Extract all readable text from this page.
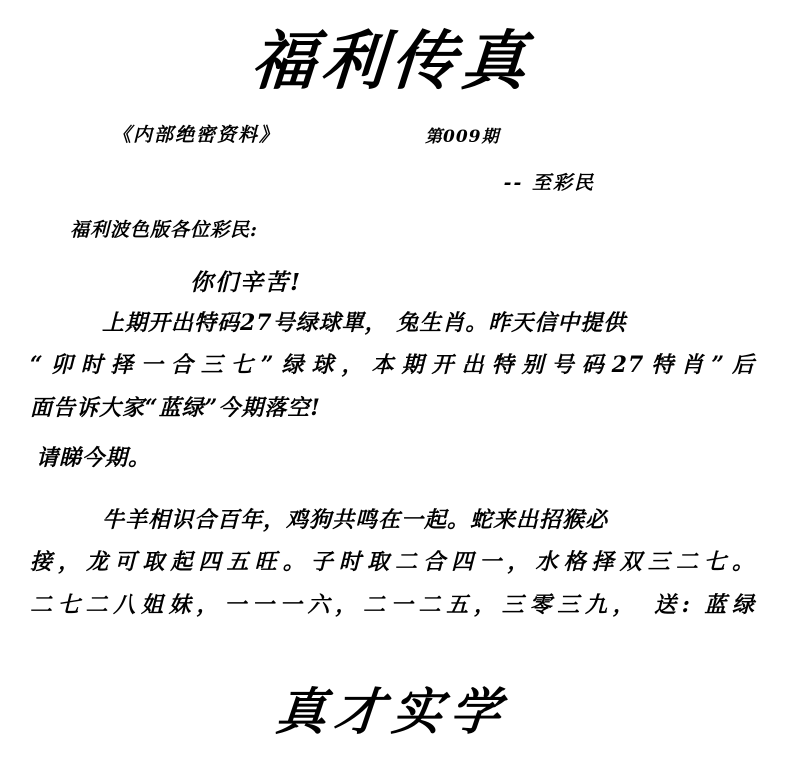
福利传真
《内部绝密资料》	第009期
-- 至彩民
福利波色版各位彩民:
你们辛苦!
上期开出特码27号绿球單， 兔生肖。昨天信中提供
“卯时择一合三七”绿球，本期开出特别号码27特肖”后
面告诉大家“蓝绿”今期落空!
请睇今期。
牛羊相识合百年，鸡狗共鸣在一起。蛇来出招猴必
接，龙可取起四五旺。子时取二合四一，水格择双三二七。
二七二八姐妹，一一一六，二一二五，三零三九， 送: 蓝绿
真才实学
